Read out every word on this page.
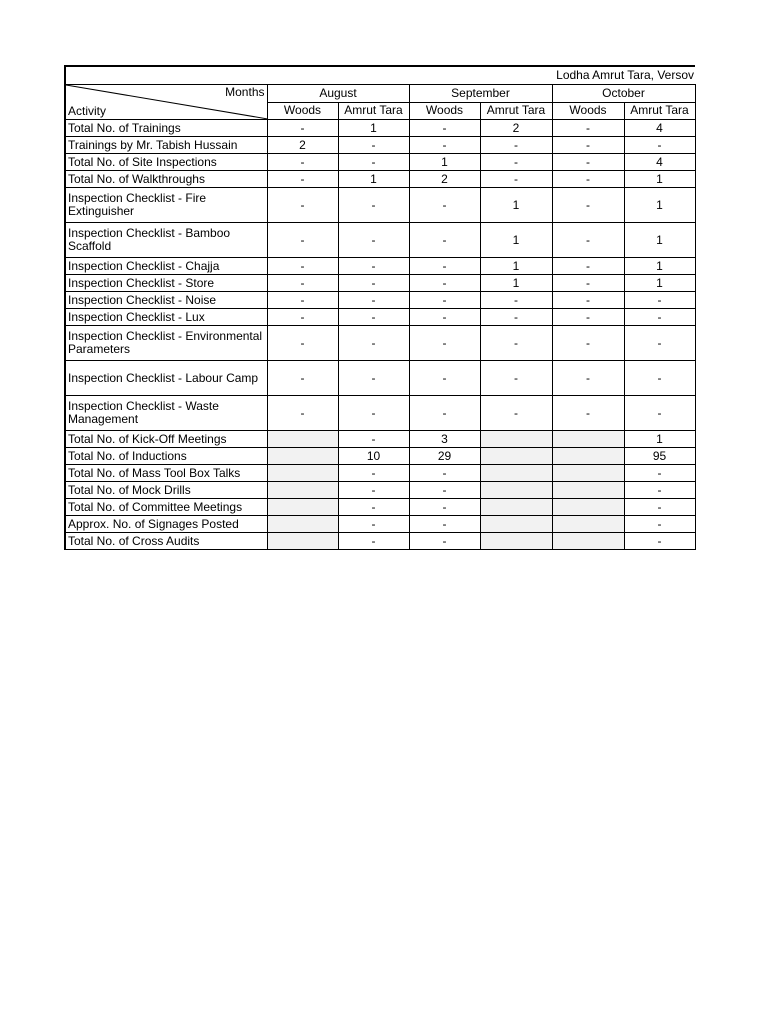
Lodha Amrut Tara, Versov						

Months
Activity	August		September		October	
	Woods	Amrut Tara	Woods	Amrut Tara	Woods	Amrut Tara
Total No. of Trainings	-	1	-	2	-	4
Trainings by Mr. Tabish Hussain	2	-	-	-	-	-
Total No. of Site Inspections	-	-	1	-	-	4
Total No. of Walkthroughs	-	1	2	-	-	1
Inspection Checklist - Fire Extinguisher	-	-	-	1	-	1
Inspection Checklist - Bamboo Scaffold	-	-	-	1	-	1
Inspection Checklist - Chajja	-	-	-	1	-	1
Inspection Checklist - Store	-	-	-	1	-	1
Inspection Checklist - Noise	-	-	-	-	-	-
Inspection Checklist - Lux	-	-	-	-	-	-
Inspection Checklist - Environmental Parameters	-	-	-	-	-	-
Inspection Checklist - Labour Camp	-	-	-	-	-	-
Inspection Checklist - Waste Management	-	-	-	-	-	-
Total No. of Kick-Off Meetings		-	3			1
Total No. of Inductions		10	29			95
Total No. of Mass Tool Box Talks		-	-			-
Total No. of Mock Drills		-	-			-
Total No. of Committee Meetings		-	-			-
Approx. No. of Signages Posted		-	-			-
Total No. of Cross Audits		-	-			-
